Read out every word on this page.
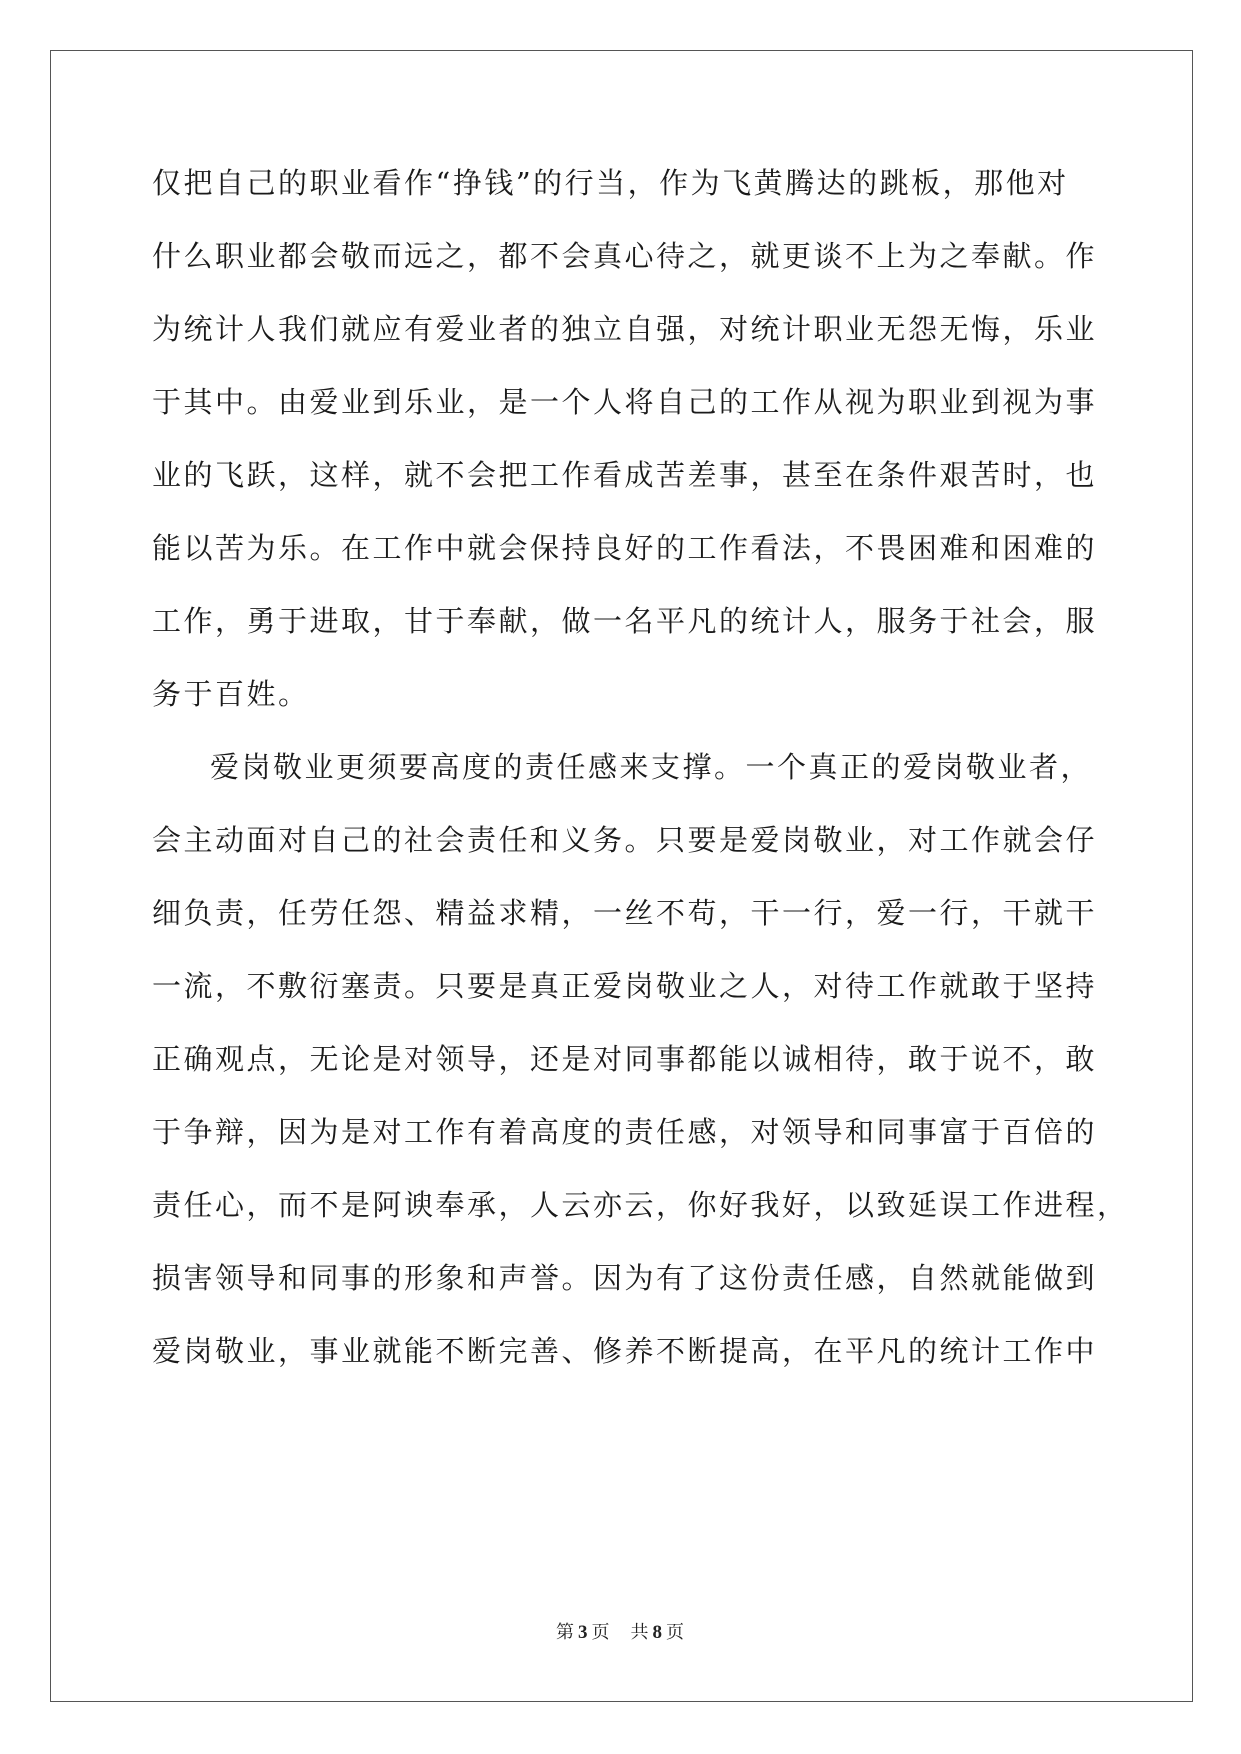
仅把自己的职业看作“挣钱”的行当，作为飞黄腾达的跳板，那他对
什么职业都会敬而远之，都不会真心待之，就更谈不上为之奉献。作
为统计人我们就应有爱业者的独立自强，对统计职业无怨无悔，乐业
于其中。由爱业到乐业，是一个人将自己的工作从视为职业到视为事
业的飞跃，这样，就不会把工作看成苦差事，甚至在条件艰苦时，也
能以苦为乐。在工作中就会保持良好的工作看法，不畏困难和困难的
工作，勇于进取，甘于奉献，做一名平凡的统计人，服务于社会，服
务于百姓。
爱岗敬业更须要高度的责任感来支撑。一个真正的爱岗敬业者，
会主动面对自己的社会责任和义务。只要是爱岗敬业，对工作就会仔
细负责，任劳任怨、精益求精，一丝不苟，干一行，爱一行，干就干
一流，不敷衍塞责。只要是真正爱岗敬业之人，对待工作就敢于坚持
正确观点，无论是对领导，还是对同事都能以诚相待，敢于说不，敢
于争辩，因为是对工作有着高度的责任感，对领导和同事富于百倍的
责任心，而不是阿谀奉承，人云亦云，你好我好，以致延误工作进程，
损害领导和同事的形象和声誉。因为有了这份责任感，自然就能做到
爱岗敬业，事业就能不断完善、修养不断提高，在平凡的统计工作中
第 3 页 共 8 页
